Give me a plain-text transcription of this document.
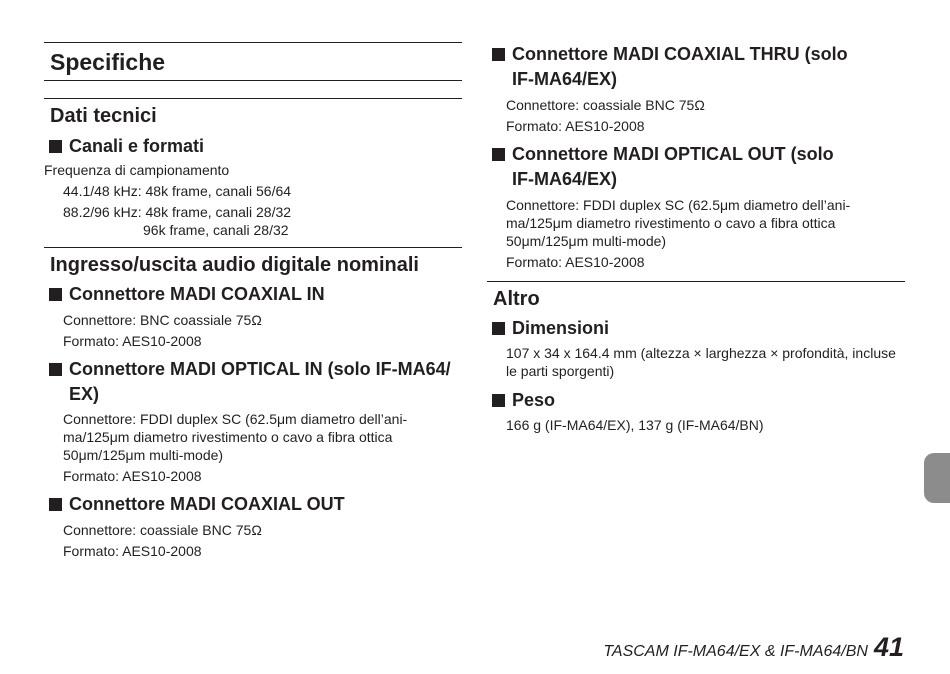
Specifiche
Dati tecnici
Canali e formati
Frequenza di campionamento
44.1/48 kHz: 48k frame, canali 56/64
88.2/96 kHz: 48k frame, canali 28/32
96k frame, canali 28/32
Ingresso/uscita audio digitale nominali
Connettore MADI COAXIAL IN
Connettore: BNC coassiale 75Ω
Formato: AES10-2008
Connettore MADI OPTICAL IN (solo IF-MA64/
EX)
Connettore: FDDI duplex SC (62.5μm diametro dell’ani-
ma/125μm diametro rivestimento o cavo a fibra ottica
50μm/125μm multi-mode)
Formato: AES10-2008
Connettore MADI COAXIAL OUT
Connettore: coassiale BNC 75Ω
Formato: AES10-2008
Connettore MADI COAXIAL THRU (solo
IF-MA64/EX)
Connettore: coassiale BNC 75Ω
Formato: AES10-2008
Connettore MADI OPTICAL OUT (solo
IF-MA64/EX)
Connettore: FDDI duplex SC (62.5μm diametro dell’ani-
ma/125μm diametro rivestimento o cavo a fibra ottica
50μm/125μm multi-mode)
Formato: AES10-2008
Altro
Dimensioni
107 x 34 x 164.4 mm (altezza × larghezza × profondità, incluse
le parti sporgenti)
Peso
166 g (IF-MA64/EX), 137 g (IF-MA64/BN)
TASCAM IF-MA64/EX & IF-MA64/BN 41
